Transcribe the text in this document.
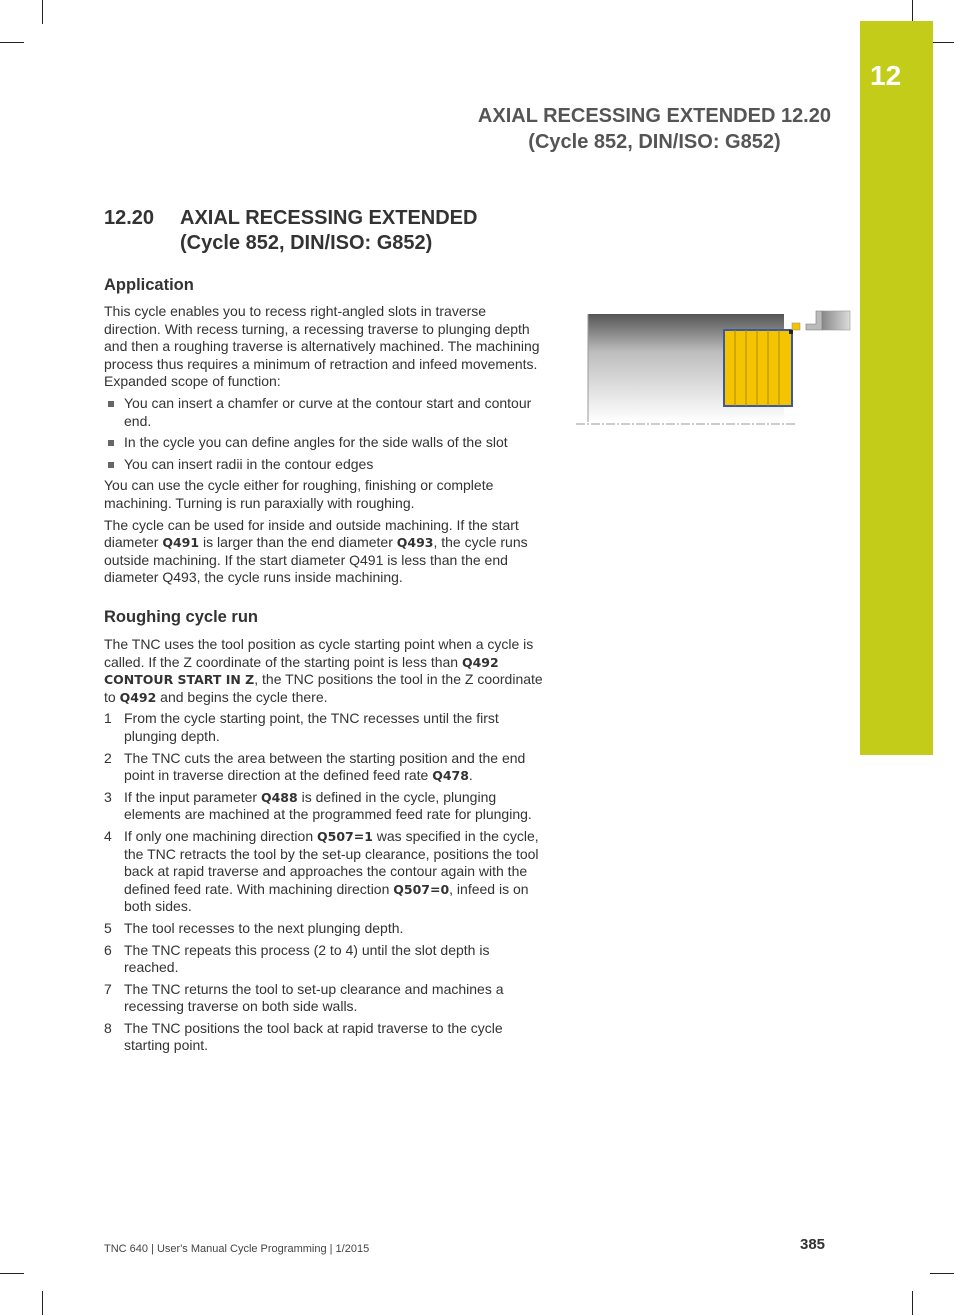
12
AXIAL RECESSING EXTENDED 12.20
(Cycle 852, DIN/ISO: G852)
12.20 AXIAL RECESSING EXTENDED
(Cycle 852, DIN/ISO: G852)
Application

This cycle enables you to recess right-angled slots in traverse direction. With recess turning, a recessing traverse to plunging depth and then a roughing traverse is alternatively machined. The machining process thus requires a minimum of retraction and infeed movements. Expanded scope of function:

You can insert a chamfer or curve at the contour start and contour end.
In the cycle you can define angles for the side walls of the slot
You can insert radii in the contour edges

You can use the cycle either for roughing, finishing or complete machining. Turning is run paraxially with roughing.

The cycle can be used for inside and outside machining. If the start diameter Q491 is larger than the end diameter Q493, the cycle runs outside machining. If the start diameter Q491 is less than the end diameter Q493, the cycle runs inside machining.

Roughing cycle run

The TNC uses the tool position as cycle starting point when a cycle is called. If the Z coordinate of the starting point is less than Q492 CONTOUR START IN Z, the TNC positions the tool in the Z coordinate to Q492 and begins the cycle there.

1 From the cycle starting point, the TNC recesses until the first plunging depth.
2 The TNC cuts the area between the starting position and the end point in traverse direction at the defined feed rate Q478.
3 If the input parameter Q488 is defined in the cycle, plunging elements are machined at the programmed feed rate for plunging.
4 If only one machining direction Q507=1 was specified in the cycle, the TNC retracts the tool by the set-up clearance, positions the tool back at rapid traverse and approaches the contour again with the defined feed rate. With machining direction Q507=0, infeed is on both sides.
5 The tool recesses to the next plunging depth.
6 The TNC repeats this process (2 to 4) until the slot depth is reached.
7 The TNC returns the tool to set-up clearance and machines a recessing traverse on both side walls.
8 The TNC positions the tool back at rapid traverse to the cycle starting point.
TNC 640 | User's Manual Cycle Programming | 1/2015	385
